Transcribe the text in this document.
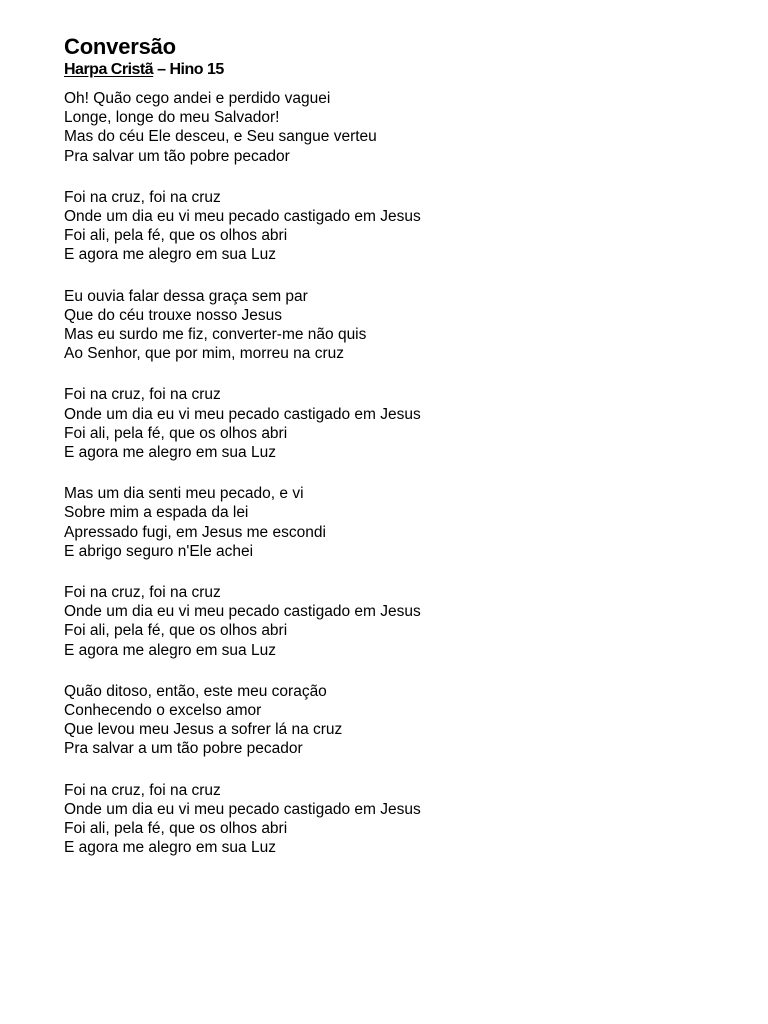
Conversão
Harpa Cristã – Hino 15
Oh! Quão cego andei e perdido vaguei
Longe, longe do meu Salvador!
Mas do céu Ele desceu, e Seu sangue verteu
Pra salvar um tão pobre pecador
Foi na cruz, foi na cruz
Onde um dia eu vi meu pecado castigado em Jesus
Foi ali, pela fé, que os olhos abri
E agora me alegro em sua Luz
Eu ouvia falar dessa graça sem par
Que do céu trouxe nosso Jesus
Mas eu surdo me fiz, converter-me não quis
Ao Senhor, que por mim, morreu na cruz
Foi na cruz, foi na cruz
Onde um dia eu vi meu pecado castigado em Jesus
Foi ali, pela fé, que os olhos abri
E agora me alegro em sua Luz
Mas um dia senti meu pecado, e vi
Sobre mim a espada da lei
Apressado fugi, em Jesus me escondi
E abrigo seguro n'Ele achei
Foi na cruz, foi na cruz
Onde um dia eu vi meu pecado castigado em Jesus
Foi ali, pela fé, que os olhos abri
E agora me alegro em sua Luz
Quão ditoso, então, este meu coração
Conhecendo o excelso amor
Que levou meu Jesus a sofrer lá na cruz
Pra salvar a um tão pobre pecador
Foi na cruz, foi na cruz
Onde um dia eu vi meu pecado castigado em Jesus
Foi ali, pela fé, que os olhos abri
E agora me alegro em sua Luz
